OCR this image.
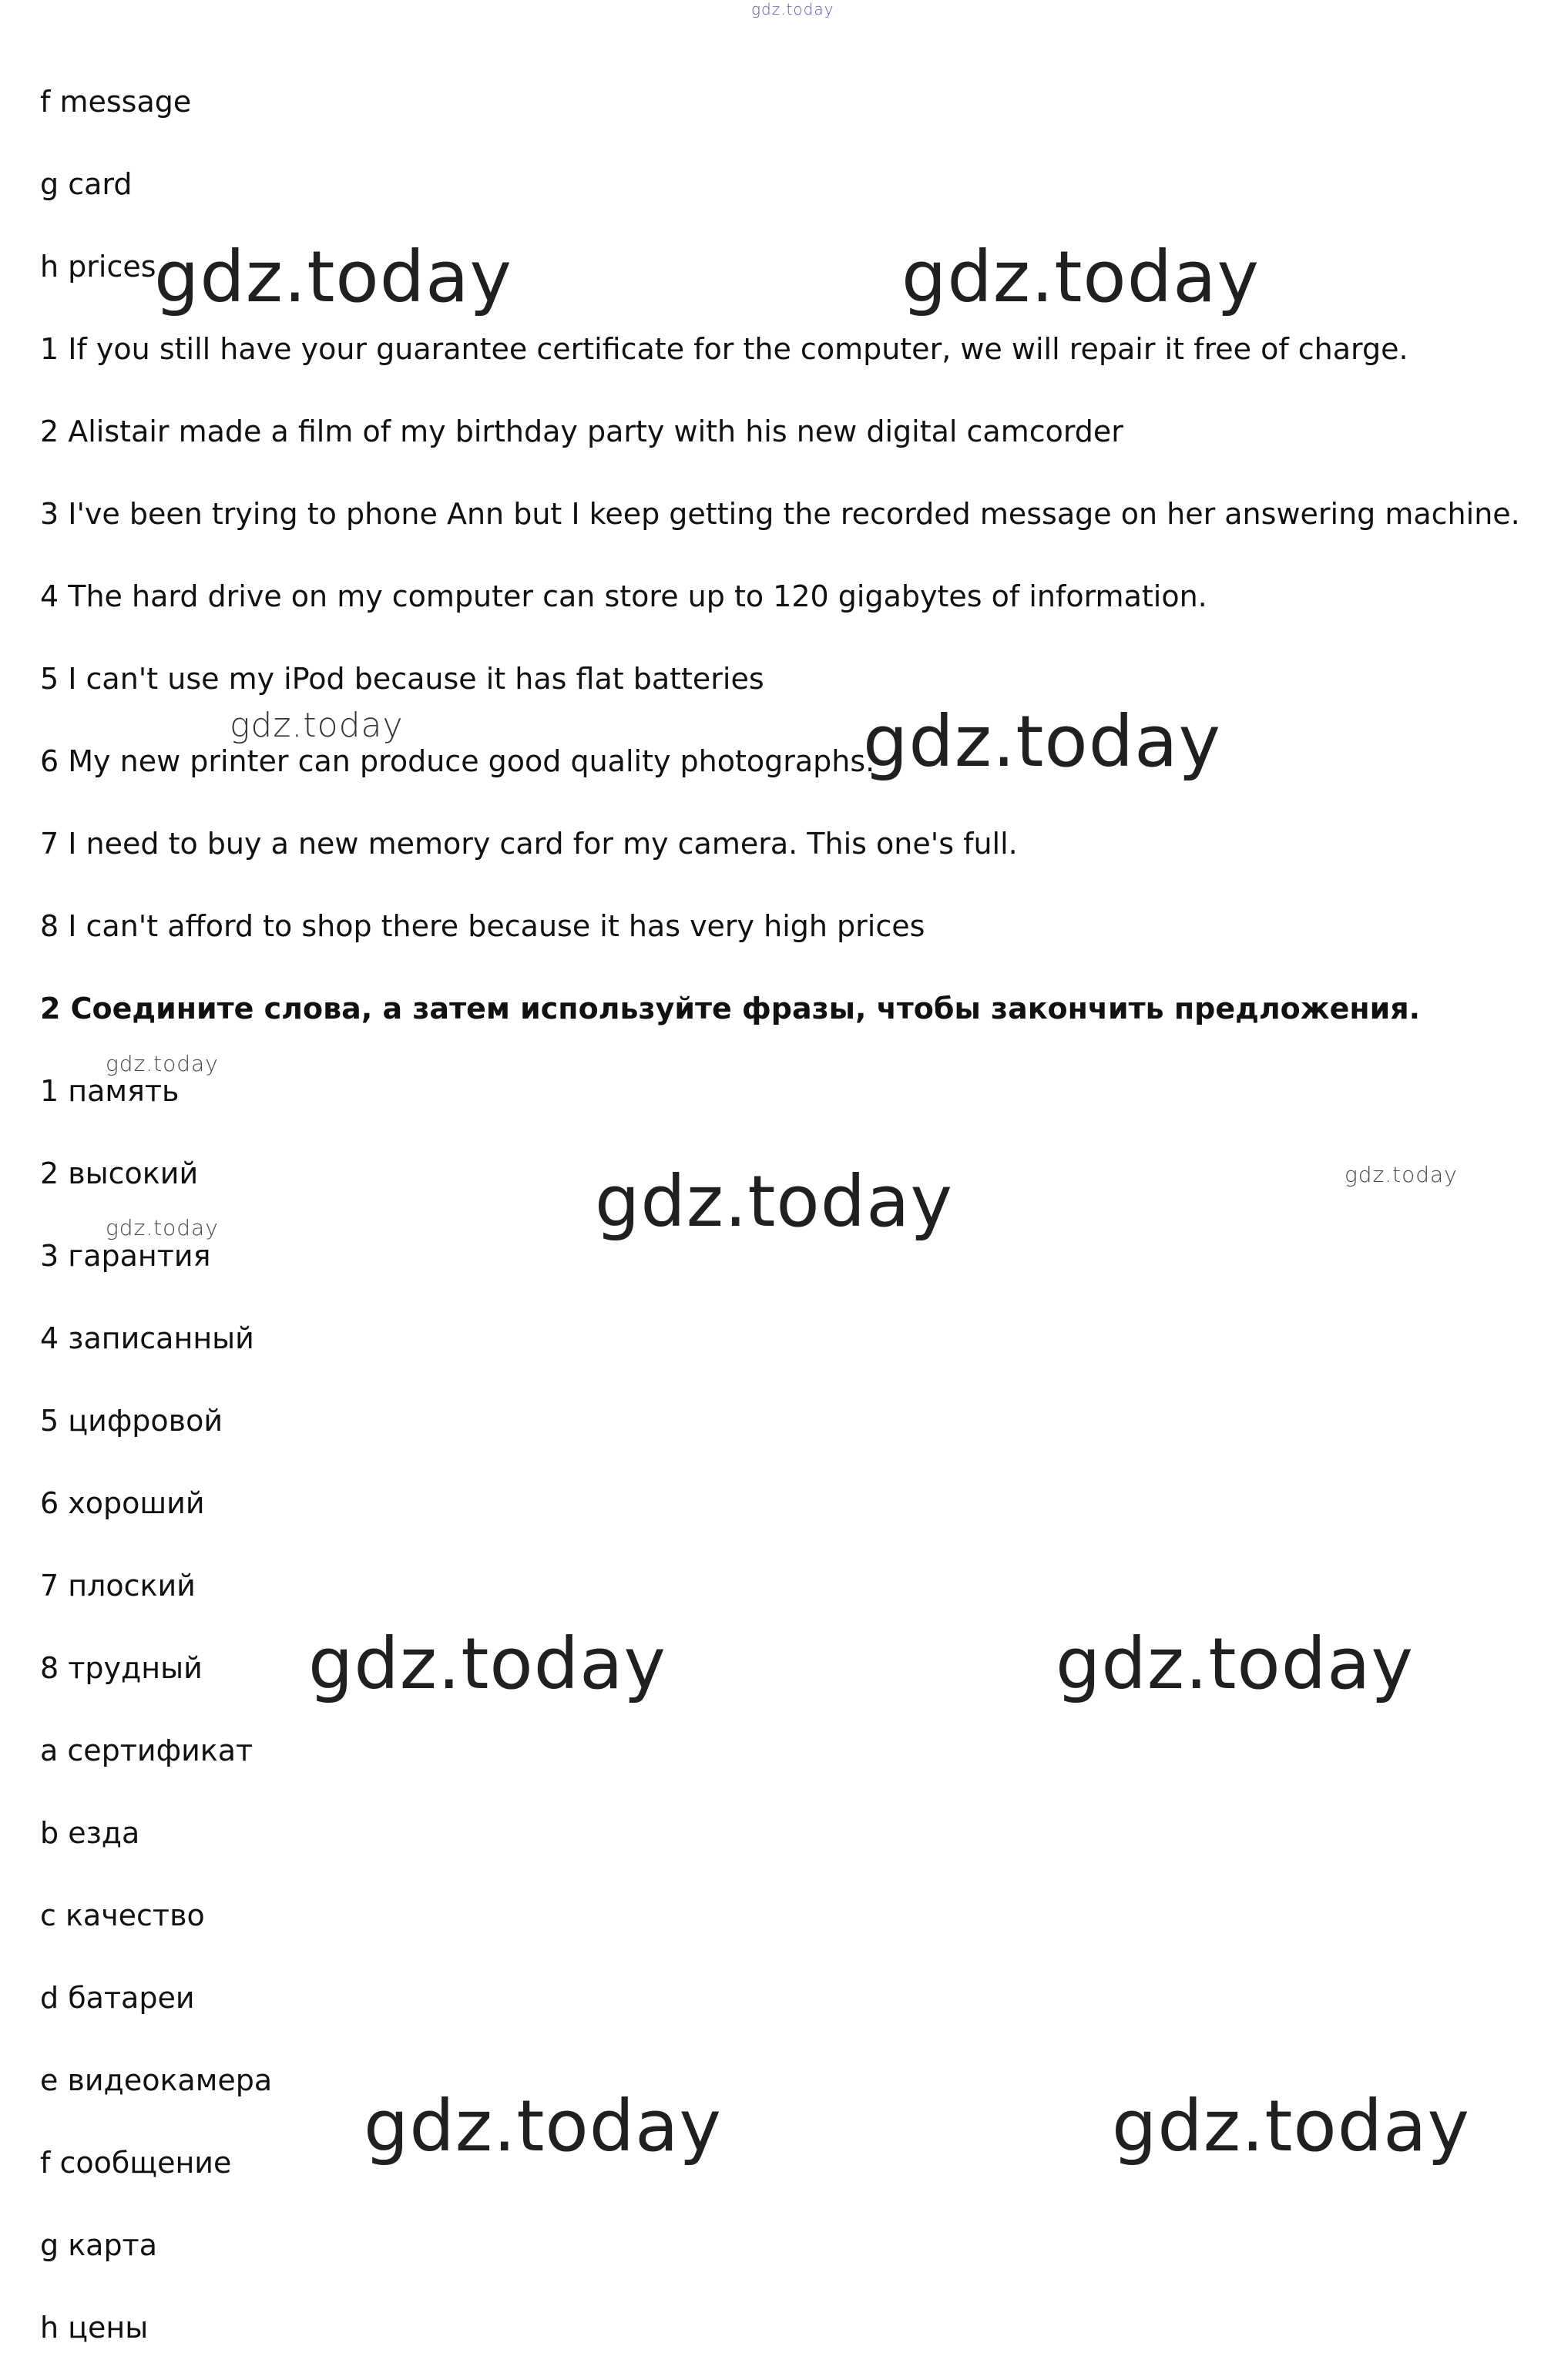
gdz.today
f message
g card
h prices
1 If you still have your guarantee certificate for the computer, we will repair it free of charge.
2 Alistair made a film of my birthday party with his new digital camcorder
3 I've been trying to phone Ann but I keep getting the recorded message on her answering machine.
4 The hard drive on my computer can store up to 120 gigabytes of information.
5 I can't use my iPod because it has flat batteries
6 My new printer can produce good quality photographs.
7 I need to buy a new memory card for my camera. This one's full.
8 I can't afford to shop there because it has very high prices
2 Соедините слова, а затем используйте фразы, чтобы закончить предложения.
1 память
2 высокий
3 гарантия
4 записанный
5 цифровой
6 хороший
7 плоский
8 трудный
a сертификат
b езда
c качество
d батареи
e видеокамера
f сообщение
g карта
h цены
gdz.today	gdz.today
gdz.today	gdz.today
gdz.today
gdz.today	gdz.today
gdz.today
gdz.today	gdz.today
gdz.today	gdz.today
